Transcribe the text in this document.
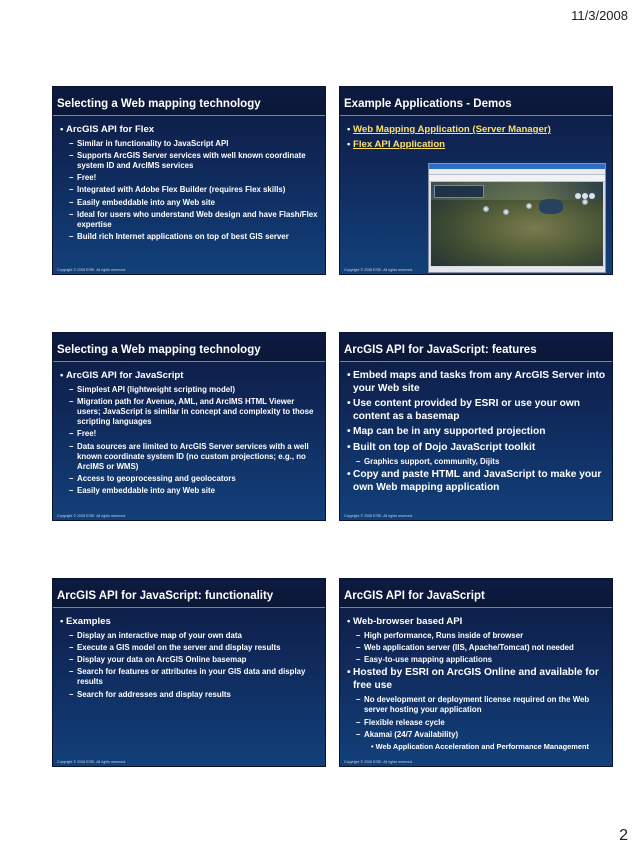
11/3/2008
Selecting a Web mapping technology
• ArcGIS API for Flex
– Similar in functionality to JavaScript API
– Supports ArcGIS Server services with well known coordinate system ID and ArcIMS services
– Free!
– Integrated with Adobe Flex Builder (requires Flex skills)
– Easily embeddable into any Web site
– Ideal for users who understand Web design and have Flash/Flex expertise
– Build rich Internet applications on top of best GIS server
Copyright © 2008 ESRI. All rights reserved.
Example Applications - Demos
• Web Mapping Application (Server Manager)
• Flex API Application
Copyright © 2008 ESRI. All rights reserved.
Selecting a Web mapping technology
• ArcGIS API for JavaScript
– Simplest API (lightweight scripting model)
– Migration path for Avenue, AML, and ArcIMS HTML Viewer users; JavaScript is similar in concept and complexity to those scripting languages
– Free!
– Data sources are limited to ArcGIS Server services with a well known coordinate system ID (no custom projections; e.g., no ArcIMS or WMS)
– Access to geoprocessing and geolocators
– Easily embeddable into any Web site
Copyright © 2008 ESRI. All rights reserved.
ArcGIS API for JavaScript: features
• Embed maps and tasks from any ArcGIS Server into your Web site
• Use content provided by ESRI or use your own content as a basemap
• Map can be in any supported projection
• Built on top of Dojo JavaScript toolkit
– Graphics support, community, Dijits
• Copy and paste HTML and JavaScript to make your own Web mapping application
Copyright © 2008 ESRI. All rights reserved.
ArcGIS API for JavaScript: functionality
• Examples
– Display an interactive map of your own data
– Execute a GIS model on the server and display results
– Display your data on ArcGIS Online basemap
– Search for features or attributes in your GIS data and display results
– Search for addresses and display results
Copyright © 2008 ESRI. All rights reserved.
ArcGIS API for JavaScript
• Web-browser based API
– High performance, Runs inside of browser
– Web application server (IIS, Apache/Tomcat) not needed
– Easy-to-use mapping applications
• Hosted by ESRI on ArcGIS Online and available for free use
– No development or deployment license required on the Web server hosting your application
– Flexible release cycle
– Akamai (24/7 Availability)
• Web Application Acceleration and Performance Management
Copyright © 2008 ESRI. All rights reserved.
2
